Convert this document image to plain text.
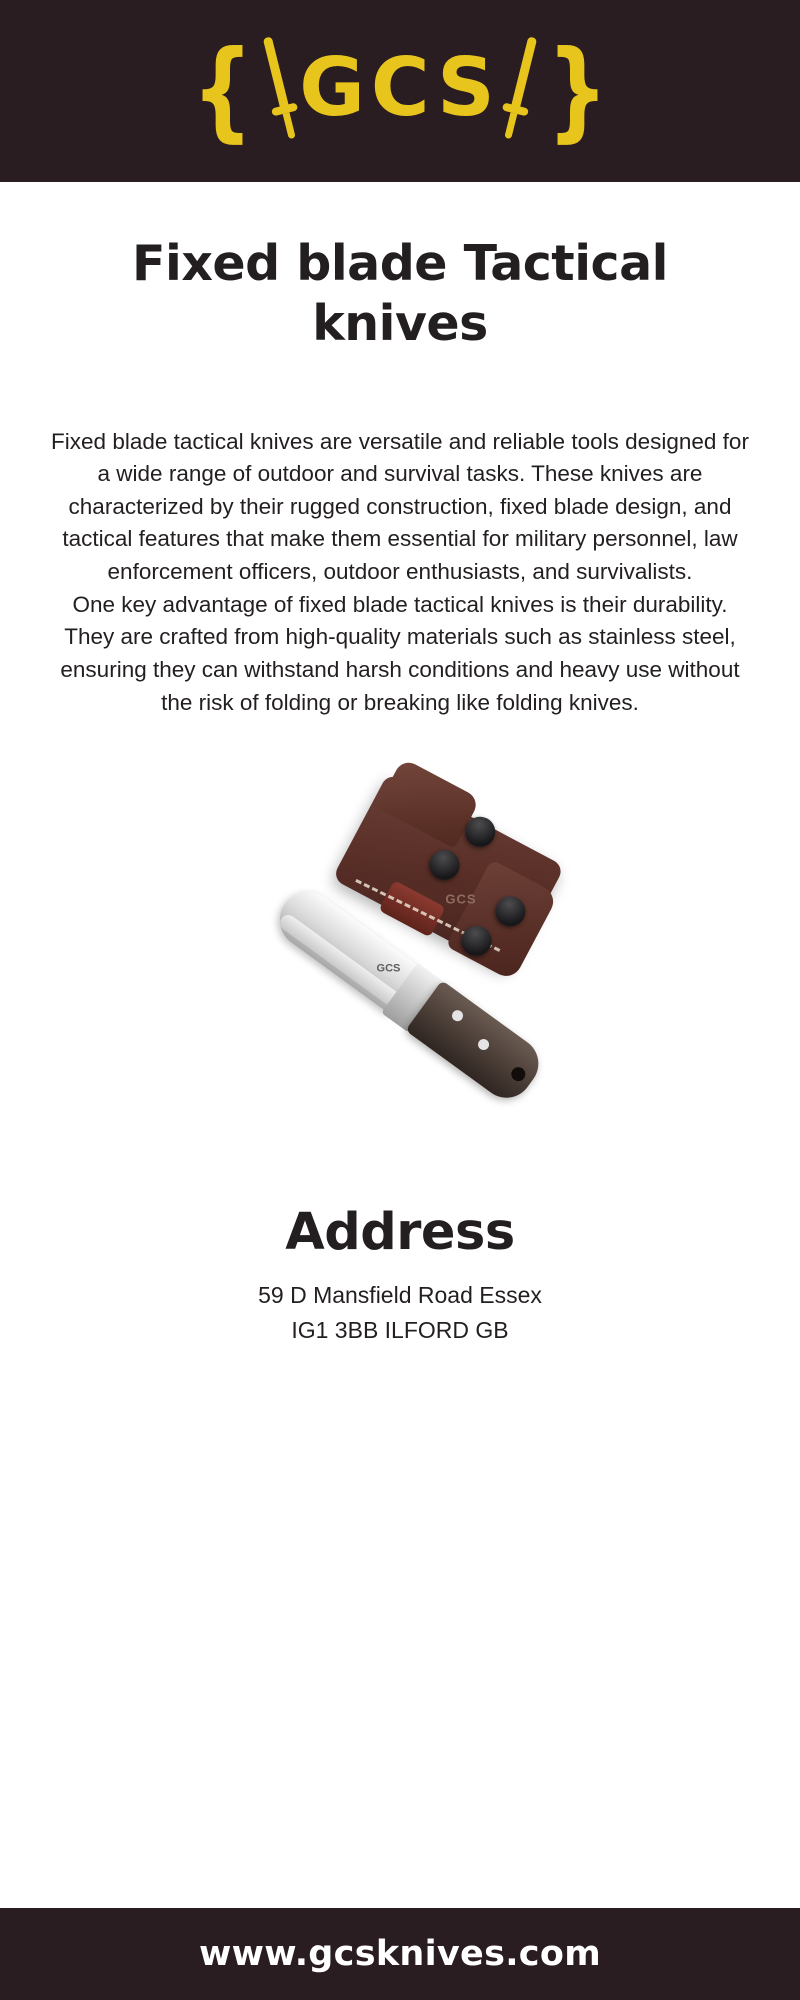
{ GCS }
Fixed blade Tactical knives

Fixed blade tactical knives are versatile and reliable tools designed for a wide range of outdoor and survival tasks. These knives are characterized by their rugged construction, fixed blade design, and tactical features that make them essential for military personnel, law enforcement officers, outdoor enthusiasts, and survivalists.

One key advantage of fixed blade tactical knives is their durability. They are crafted from high-quality materials such as stainless steel, ensuring they can withstand harsh conditions and heavy use without the risk of folding or breaking like folding knives.

GCS
GCS
Address
59 D Mansfield Road Essex
IG1 3BB ILFORD GB
www.gcsknives.com
